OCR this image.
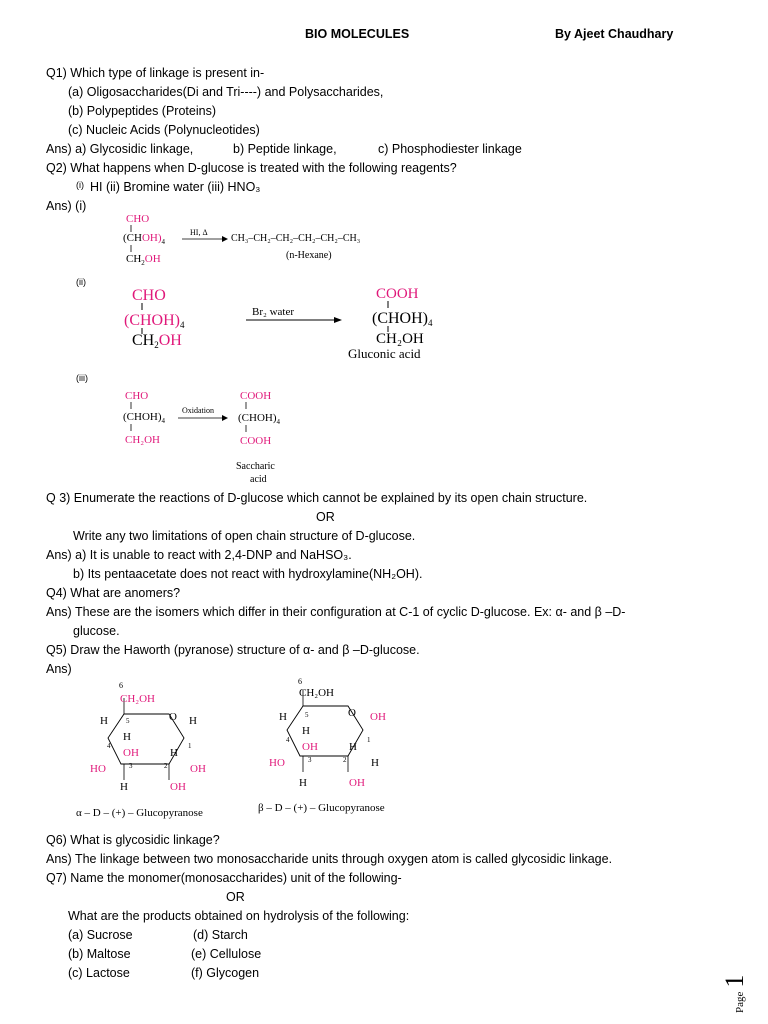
BIO MOLECULES	By Ajeet Chaudhary
Q1) Which type of linkage is present in-
(a) Oligosaccharides(Di and Tri----) and Polysaccharides,
(b) Polypeptides (Proteins)
(c) Nucleic Acids (Polynucleotides)
Ans) a) Glycosidic linkage,	b) Peptide linkage,	c) Phosphodiester linkage
Q2) What happens when D-glucose is treated with the following reagents?
(i) HI (ii) Bromine water (iii) HNO₃
Ans) (i)
CHO
$(CHOH)_4$
$CH_2OH$
HI, Δ
CH₃–CH₂–CH₂–CH₂–CH₂–CH₃
(n-Hexane)
(ii)
CHO
(CHOH)4
CH2OH
Br₂ water
COOH
(CHOH)4
CH₂OH
Gluconic acid
(iii)
CHO
$(CHOH)_4$
CH₂OH
Oxidation
COOH
$(CHOH)_4$
COOH
Saccharic
acid
Q 3) Enumerate the reactions of D-glucose which cannot be explained by its open chain structure.
OR
Write any two limitations of open chain structure of D-glucose.
Ans) a) It is unable to react with 2,4-DNP and NaHSO₃.
b) Its pentaacetate does not react with hydroxylamine(NH₂OH).
Q4) What are anomers?
Ans) These are the isomers which differ in their configuration at C-1 of cyclic D-glucose. Ex: α- and β –D-
glucose.
Q5) Draw the Haworth (pyranose) structure of α- and β –D-glucose.
Ans)
6
CH₂OH
H	5	O H
H
4
OH	H
1
HO	3	2 OH
H	OH
α – D – (+) – Glucopyranose
6
CH₂OH
H	5	O OH
H
4
OH	H
1
HO	3	2 H
H	OH
β – D – (+) – Glucopyranose
Q6) What is glycosidic linkage?
Ans) The linkage between two monosaccharide units through oxygen atom is called glycosidic linkage.
Q7) Name the monomer(monosaccharides) unit of the following-
OR
What are the products obtained on hydrolysis of the following:
(a) Sucrose	(d) Starch
(b) Maltose	(e) Cellulose
(c) Lactose	(f) Glycogen
Page 1
